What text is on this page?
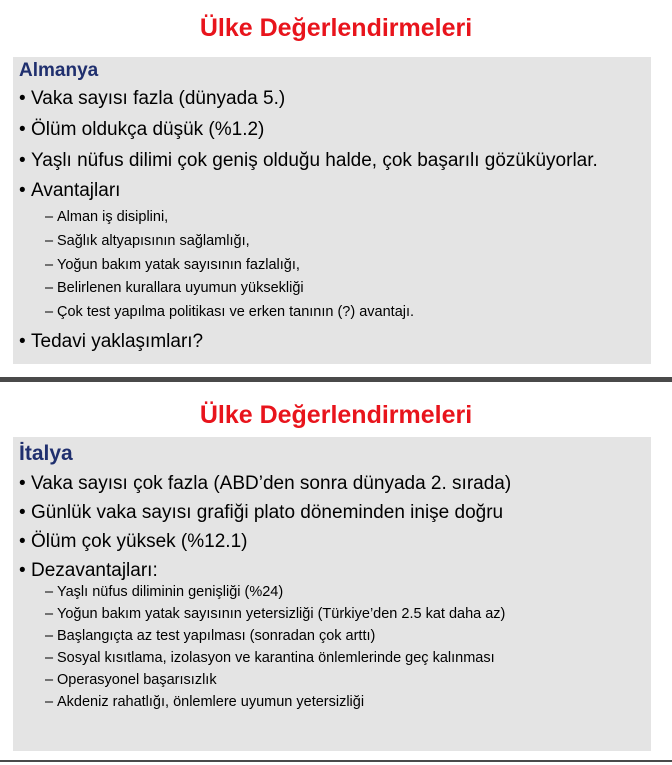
Ülke Değerlendirmeleri
Almanya
• Vaka sayısı fazla (dünyada 5.)
• Ölüm oldukça düşük (%1.2)
• Yaşlı nüfus dilimi çok geniş olduğu halde, çok başarılı gözüküyorlar.
• Avantajları
– Alman iş disiplini,
– Sağlık altyapısının sağlamlığı,
– Yoğun bakım yatak sayısının fazlalığı,
– Belirlenen kurallara uyumun yüksekliği
– Çok test yapılma politikası ve erken tanının (?) avantajı.
• Tedavi yaklaşımları?
Ülke Değerlendirmeleri
İtalya
• Vaka sayısı çok fazla (ABD’den sonra dünyada 2. sırada)
• Günlük vaka sayısı grafiği plato döneminden inişe doğru
• Ölüm çok yüksek (%12.1)
• Dezavantajları:
– Yaşlı nüfus diliminin genişliği (%24)
– Yoğun bakım yatak sayısının yetersizliği (Türkiye’den 2.5 kat daha az)
– Başlangıçta az test yapılması (sonradan çok arttı)
– Sosyal kısıtlama, izolasyon ve karantina önlemlerinde geç kalınması
– Operasyonel başarısızlık
– Akdeniz rahatlığı, önlemlere uyumun yetersizliği
